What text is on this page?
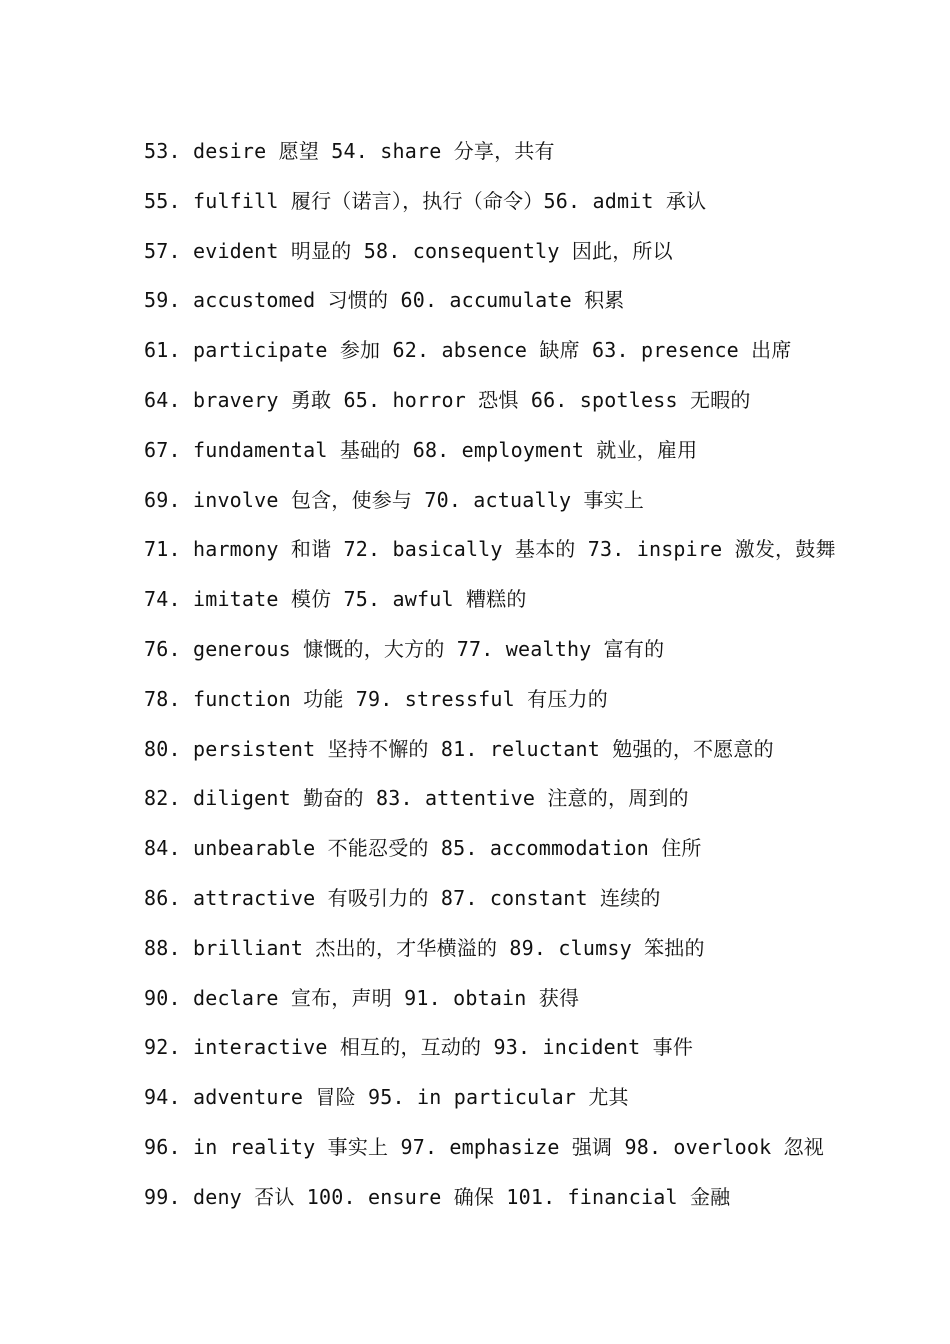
53. desire 愿望 54. share 分享，共有
55. fulfill 履行（诺言），执行（命令）56. admit 承认
57. evident 明显的 58. consequently 因此，所以
59. accustomed 习惯的 60. accumulate 积累
61. participate 参加 62. absence 缺席 63. presence 出席
64. bravery 勇敢 65. horror 恐惧 66. spotless 无暇的
67. fundamental 基础的 68. employment 就业，雇用
69. involve 包含，使参与 70. actually 事实上
71. harmony 和谐 72. basically 基本的 73. inspire 激发，鼓舞
74. imitate 模仿 75. awful 糟糕的
76. generous 慷慨的，大方的 77. wealthy 富有的
78. function 功能 79. stressful 有压力的
80. persistent 坚持不懈的 81. reluctant 勉强的，不愿意的
82. diligent 勤奋的 83. attentive 注意的，周到的
84. unbearable 不能忍受的 85. accommodation 住所
86. attractive 有吸引力的 87. constant 连续的
88. brilliant 杰出的，才华横溢的 89. clumsy 笨拙的
90. declare 宣布，声明 91. obtain 获得
92. interactive 相互的，互动的 93. incident 事件
94. adventure 冒险 95. in particular 尤其
96. in reality 事实上 97. emphasize 强调 98. overlook 忽视
99. deny 否认 100. ensure 确保 101. financial 金融
